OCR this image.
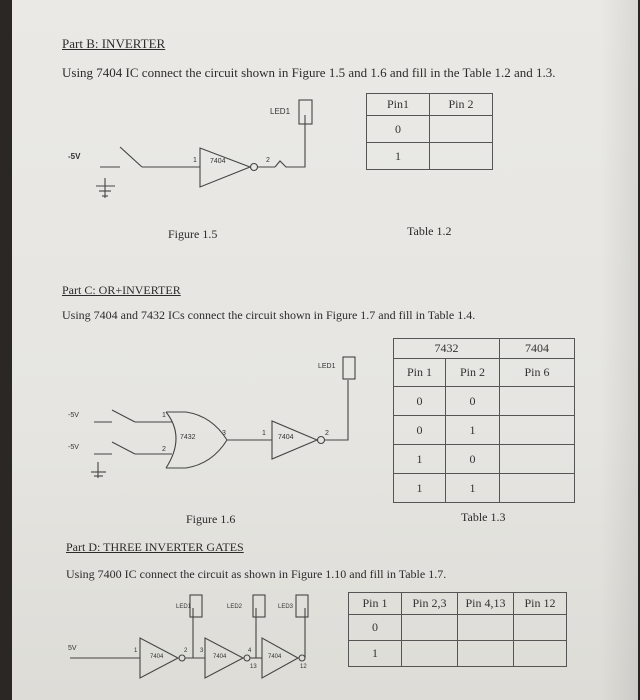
Part B: INVERTER
Using 7404 IC connect the circuit shown in Figure 1.5 and 1.6 and fill in the Table 1.2 and 1.3.
-5V
7404
1	2
LED1
Figure 1.5	Table 1.2
Pin1	Pin 2
0	
1	
Part C: OR+INVERTER
Using 7404 and 7432 ICs connect the circuit shown in Figure 1.7 and fill in Table 1.4.
-5V
-5V
7432	7404
1
2
3	1	2
LED1
7432		7404
Pin 1	Pin 2	Pin 6
0	0	
0	1	
1	0	
1	1	
Figure 1.6	Table 1.3
Part D: THREE INVERTER GATES
Using 7400 IC connect the circuit as shown in Figure 1.10 and fill in Table 1.7.
5V
7404	7404	7404
LED1	LED2	LED3
1	2 3	4
12
13
Pin 1	Pin 2,3	Pin 4,13	Pin 12
0			
1			
